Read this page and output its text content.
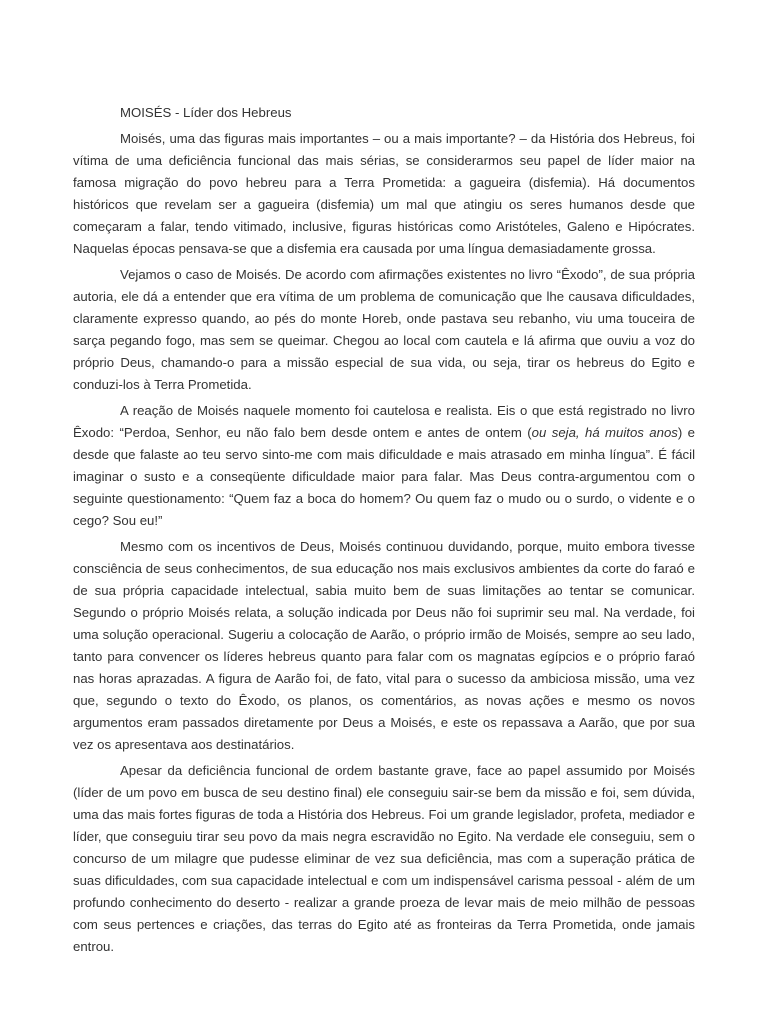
MOISÉS - Líder dos Hebreus

Moisés, uma das figuras mais importantes – ou a mais importante? – da História dos Hebreus, foi vítima de uma deficiência funcional das mais sérias, se considerarmos seu papel de líder maior na famosa migração do povo hebreu para a Terra Prometida: a gagueira (disfemia). Há documentos históricos que revelam ser a gagueira (disfemia) um mal que atingiu os seres humanos desde que começaram a falar, tendo vitimado, inclusive, figuras históricas como Aristóteles, Galeno e Hipócrates. Naquelas épocas pensava-se que a disfemia era causada por uma língua demasiadamente grossa.

Vejamos o caso de Moisés. De acordo com afirmações existentes no livro “Êxodo”, de sua própria autoria, ele dá a entender que era vítima de um problema de comunicação que lhe causava dificuldades, claramente expresso quando, ao pés do monte Horeb, onde pastava seu rebanho, viu uma touceira de sarça pegando fogo, mas sem se queimar. Chegou ao local com cautela e lá afirma que ouviu a voz do próprio Deus, chamando-o para a missão especial de sua vida, ou seja, tirar os hebreus do Egito e conduzi-los à Terra Prometida.

A reação de Moisés naquele momento foi cautelosa e realista. Eis o que está registrado no livro Êxodo: “Perdoa, Senhor, eu não falo bem desde ontem e antes de ontem (ou seja, há muitos anos) e desde que falaste ao teu servo sinto-me com mais dificuldade e mais atrasado em minha língua”. É fácil imaginar o susto e a conseqüente dificuldade maior para falar. Mas Deus contra-argumentou com o seguinte questionamento: “Quem faz a boca do homem? Ou quem faz o mudo ou o surdo, o vidente e o cego? Sou eu!”

Mesmo com os incentivos de Deus, Moisés continuou duvidando, porque, muito embora tivesse consciência de seus conhecimentos, de sua educação nos mais exclusivos ambientes da corte do faraó e de sua própria capacidade intelectual, sabia muito bem de suas limitações ao tentar se comunicar. Segundo o próprio Moisés relata, a solução indicada por Deus não foi suprimir seu mal. Na verdade, foi uma solução operacional. Sugeriu a colocação de Aarão, o próprio irmão de Moisés, sempre ao seu lado, tanto para convencer os líderes hebreus quanto para falar com os magnatas egípcios e o próprio faraó nas horas aprazadas. A figura de Aarão foi, de fato, vital para o sucesso da ambiciosa missão, uma vez que, segundo o texto do Êxodo, os planos, os comentários, as novas ações e mesmo os novos argumentos eram passados diretamente por Deus a Moisés, e este os repassava a Aarão, que por sua vez os apresentava aos destinatários.

Apesar da deficiência funcional de ordem bastante grave, face ao papel assumido por Moisés (líder de um povo em busca de seu destino final) ele conseguiu sair-se bem da missão e foi, sem dúvida, uma das mais fortes figuras de toda a História dos Hebreus. Foi um grande legislador, profeta, mediador e líder, que conseguiu tirar seu povo da mais negra escravidão no Egito. Na verdade ele conseguiu, sem o concurso de um milagre que pudesse eliminar de vez sua deficiência, mas com a superação prática de suas dificuldades, com sua capacidade intelectual e com um indispensável carisma pessoal - além de um profundo conhecimento do deserto - realizar a grande proeza de levar mais de meio milhão de pessoas com seus pertences e criações, das terras do Egito até as fronteiras da Terra Prometida, onde jamais entrou.
